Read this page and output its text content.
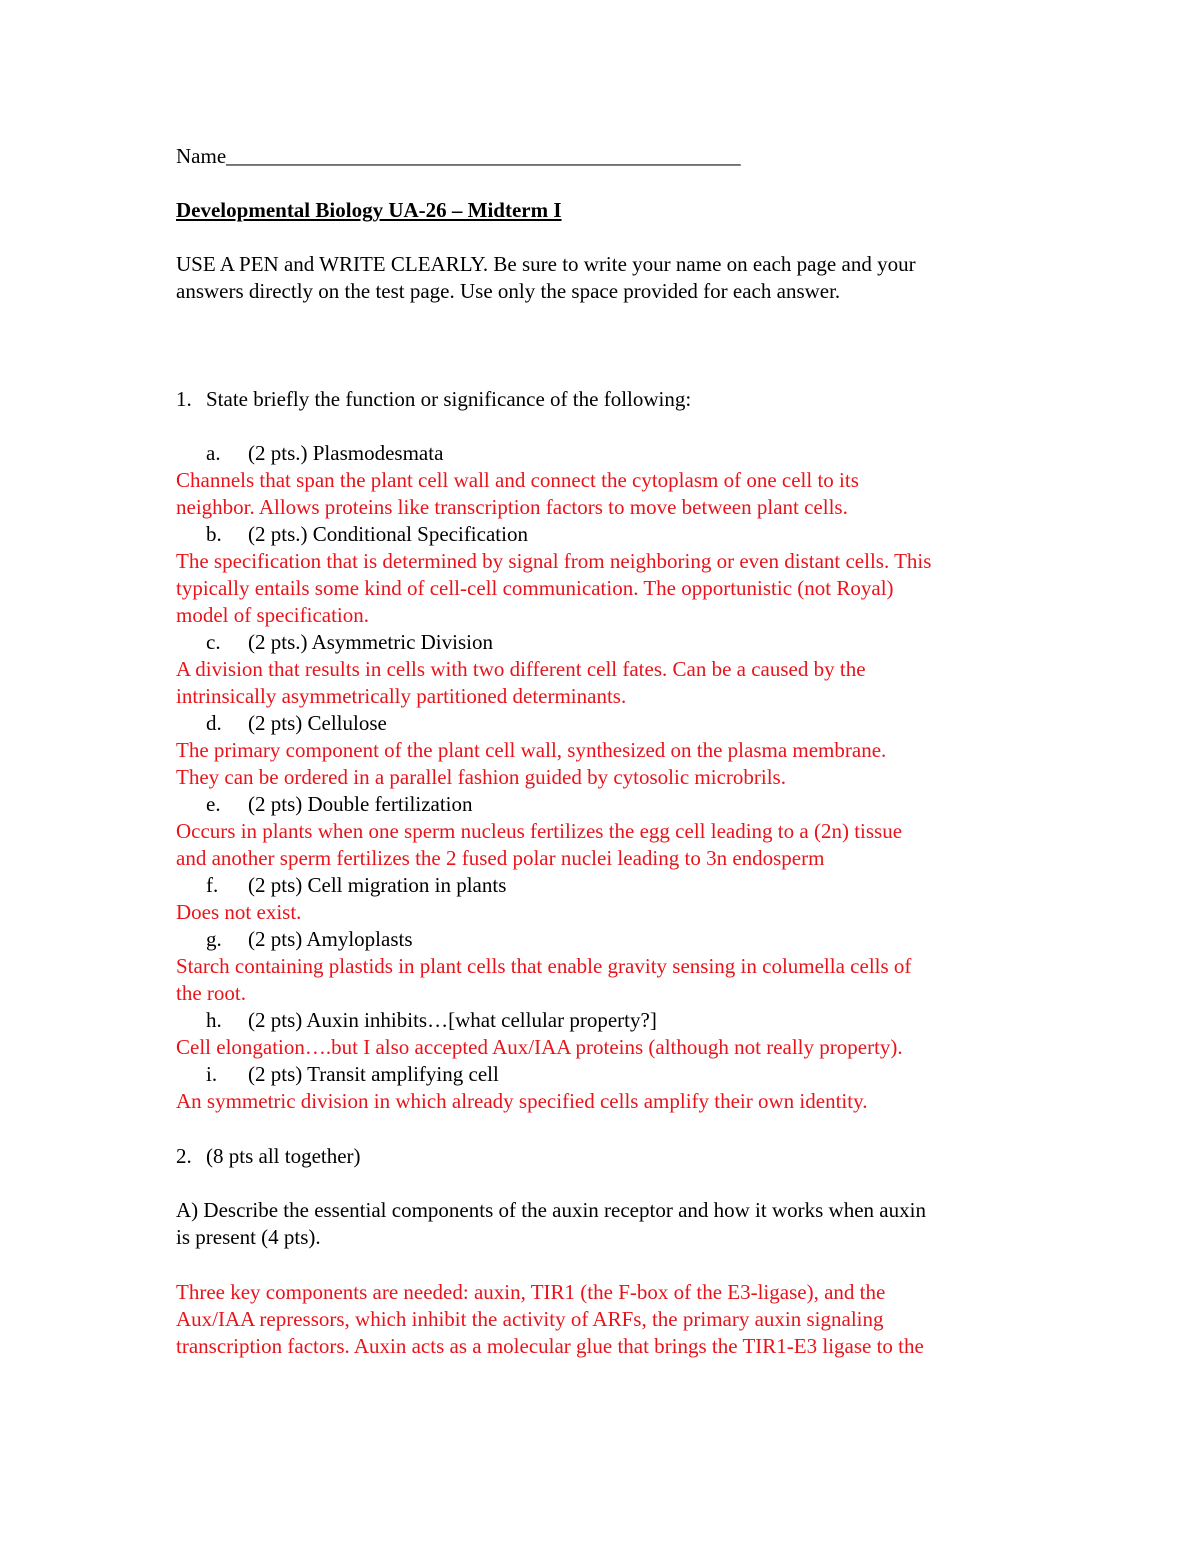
Name_________________________________________________
Developmental Biology UA-26 – Midterm I
USE A PEN and WRITE CLEARLY. Be sure to write your name on each page and your
answers directly on the test page. Use only the space provided for each answer.
1. State briefly the function or significance of the following:
a. (2 pts.) Plasmodesmata
Channels that span the plant cell wall and connect the cytoplasm of one cell to its
neighbor. Allows proteins like transcription factors to move between plant cells.
b. (2 pts.) Conditional Specification
The specification that is determined by signal from neighboring or even distant cells. This
typically entails some kind of cell-cell communication. The opportunistic (not Royal)
model of specification.
c. (2 pts.) Asymmetric Division
A division that results in cells with two different cell fates. Can be a caused by the
intrinsically asymmetrically partitioned determinants.
d. (2 pts) Cellulose
The primary component of the plant cell wall, synthesized on the plasma membrane.
They can be ordered in a parallel fashion guided by cytosolic microbrils.
e. (2 pts) Double fertilization
Occurs in plants when one sperm nucleus fertilizes the egg cell leading to a (2n) tissue
and another sperm fertilizes the 2 fused polar nuclei leading to 3n endosperm
f. (2 pts) Cell migration in plants
Does not exist.
g. (2 pts) Amyloplasts
Starch containing plastids in plant cells that enable gravity sensing in columella cells of
the root.
h. (2 pts) Auxin inhibits…[what cellular property?]
Cell elongation….but I also accepted Aux/IAA proteins (although not really property).
i. (2 pts) Transit amplifying cell
An symmetric division in which already specified cells amplify their own identity.
2. (8 pts all together)
A) Describe the essential components of the auxin receptor and how it works when auxin
is present (4 pts).
Three key components are needed: auxin, TIR1 (the F-box of the E3-ligase), and the
Aux/IAA repressors, which inhibit the activity of ARFs, the primary auxin signaling
transcription factors. Auxin acts as a molecular glue that brings the TIR1-E3 ligase to the
